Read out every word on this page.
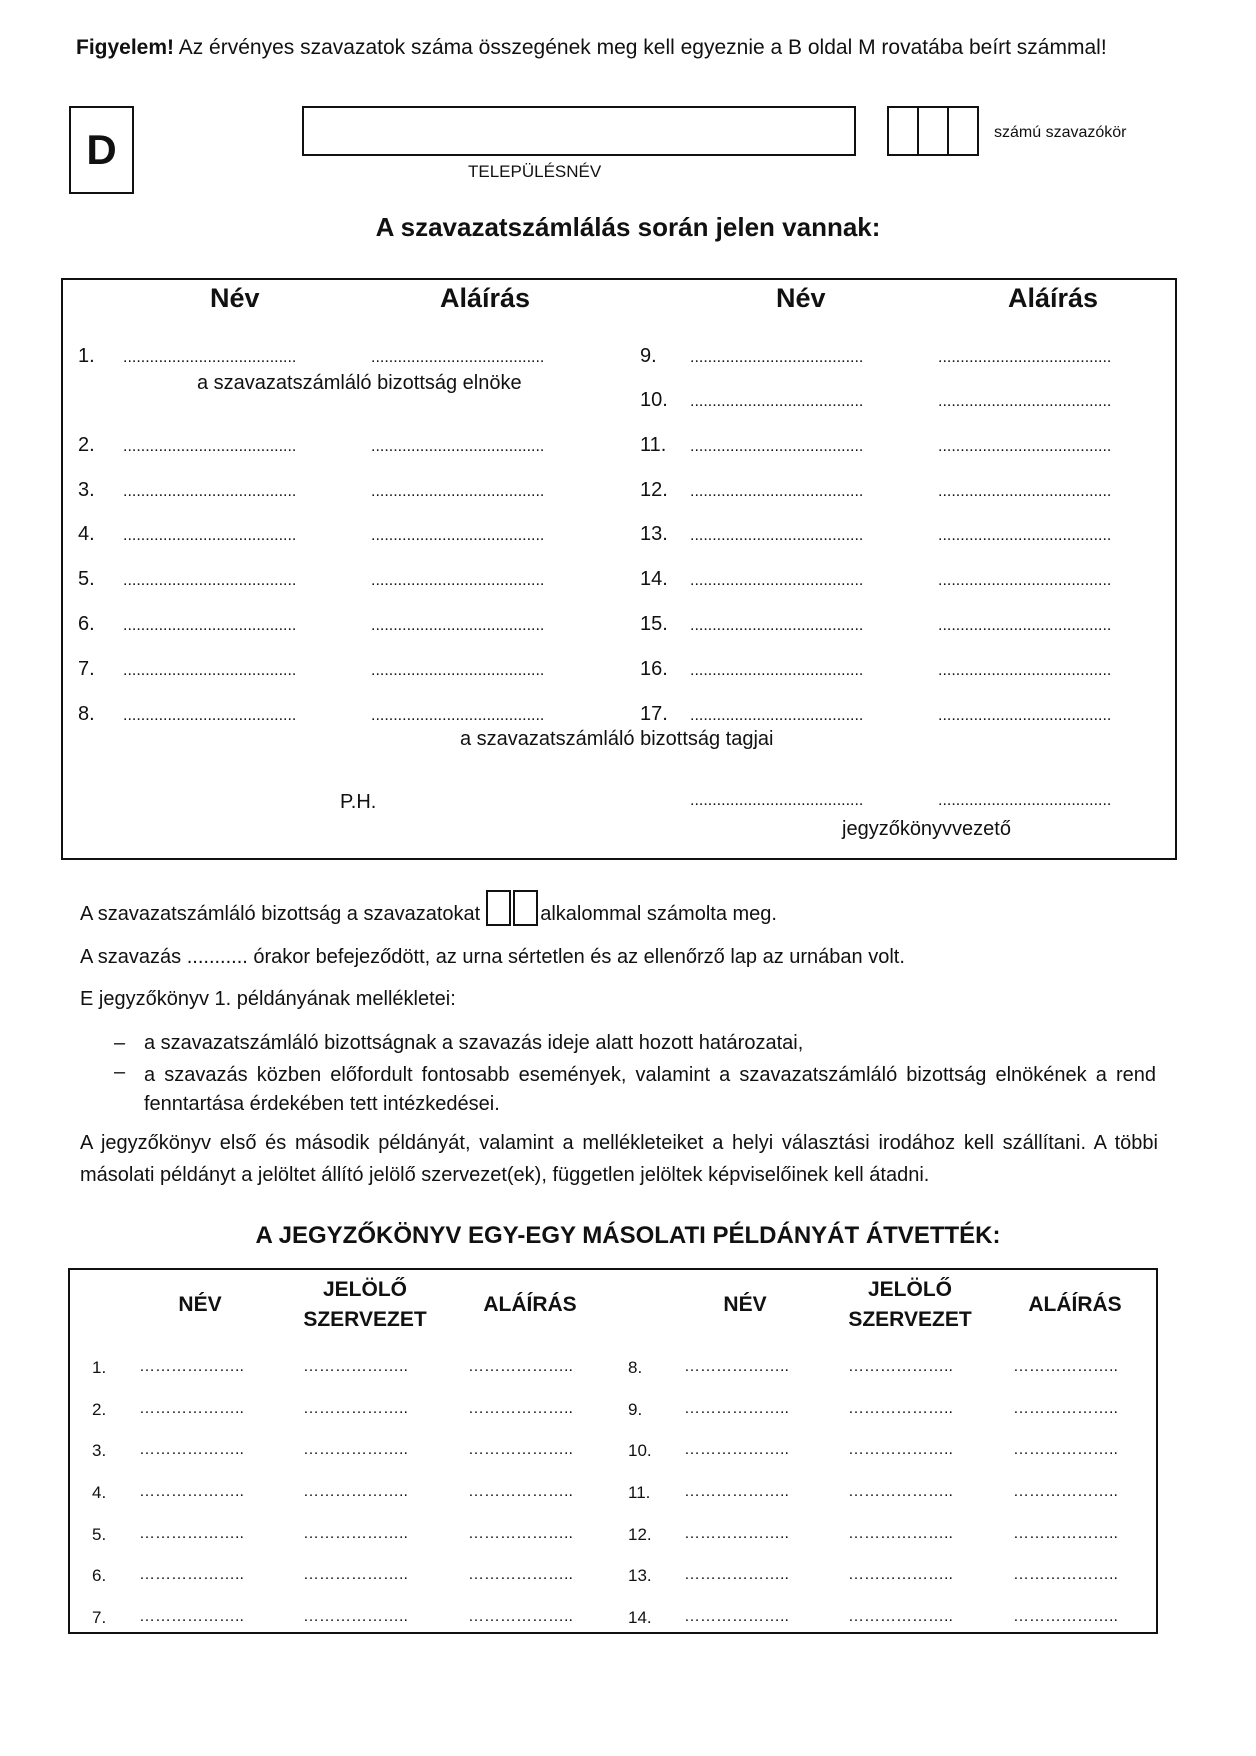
Figyelem! Az érvényes szavazatok száma összegének meg kell egyeznie a B oldal M rovatába beírt számmal!
D	TELEPÜLÉSNÉV
számú szavazókör
A szavazatszámlálás során jelen vannak:
Név	Aláírás	Név	Aláírás
1. .......................................	.......................................
2. .......................................	.......................................
3. .......................................	.......................................
4. .......................................	.......................................
5. .......................................	.......................................
6. .......................................	.......................................
7. .......................................	.......................................
8. .......................................	.......................................
9. .......................................	.......................................
10. .......................................	.......................................
11. .......................................	.......................................
12. .......................................	.......................................
13. .......................................	.......................................
14. .......................................	.......................................
15. .......................................	.......................................
16. .......................................	.......................................
17. .......................................	.......................................
a szavazatszámláló bizottság elnöke
a szavazatszámláló bizottság tagjai
P.H.	.......................................	.......................................
jegyzőkönyvvezető
A szavazatszámláló bizottság a szavazatokat	alkalommal számolta meg.
A szavazás ........... órakor befejeződött, az urna sértetlen és az ellenőrző lap az urnában volt.
E jegyzőkönyv 1. példányának mellékletei:
– a szavazatszámláló bizottságnak a szavazás ideje alatt hozott határozatai,
– a szavazás közben előfordult fontosabb események, valamint a szavazatszámláló bizottság elnökének a rend fenntartása érdekében tett intézkedései.
A jegyzőkönyv első és második példányát, valamint a mellékleteiket a helyi választási irodához kell szállítani. A többi másolati példányt a jelöltet állító jelölő szervezet(ek), független jelöltek képviselőinek kell átadni.
A JEGYZŐKÖNYV EGY-EGY MÁSOLATI PÉLDÁNYÁT ÁTVETTÉK:
NÉV
JELÖLŐ
SZERVEZET
ALÁÍRÁS	NÉV
JELÖLŐ
SZERVEZET
ALÁÍRÁS
1. ………………..	………………..	………………..	8.	………………..	………………..	………………..
2. ………………..	………………..	………………..	9.	………………..	………………..	………………..
3. ………………..	………………..	………………..	10. ………………..	………………..	………………..
4. ………………..	………………..	………………..	11. ………………..	………………..	………………..
5. ………………..	………………..	………………..	12. ………………..	………………..	………………..
6. ………………..	………………..	………………..	13. ………………..	………………..	………………..
7. ………………..	………………..	………………..	14. ………………..	………………..	………………..
